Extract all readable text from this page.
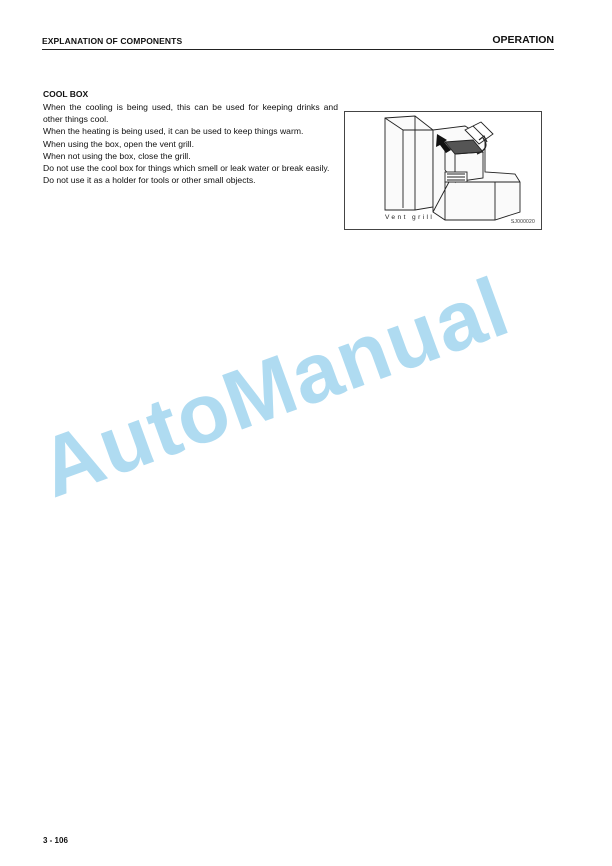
EXPLANATION OF COMPONENTS	OPERATION
COOL BOX

When the cooling is being used, this can be used for keeping drinks and other things cool.

When the heating is being used, it can be used to keep things warm.

When using the box, open the vent grill.

When not using the box, close the grill.

Do not use the cool box for things which smell or leak water or break easily.

Do not use it as a holder for tools or other small objects.

Vent grill
SJ000020
AutoManual
3 - 106
